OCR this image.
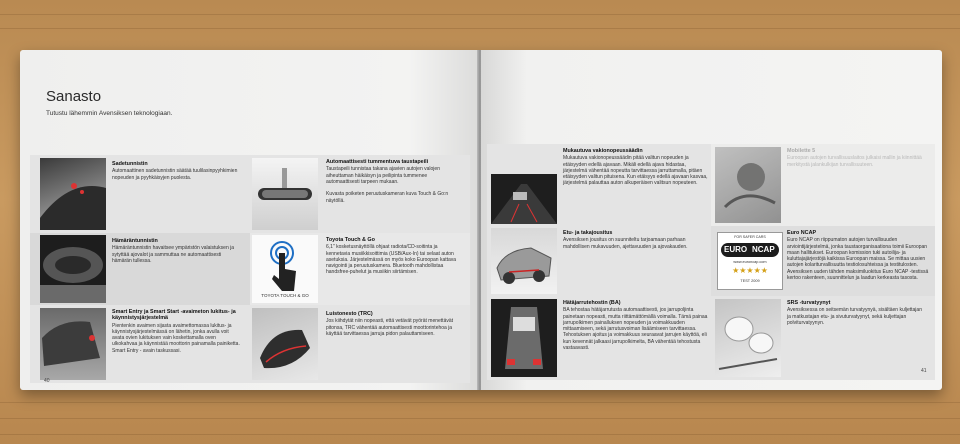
Sanasto
Tutustu lähemmin Avensiksen teknologiaan.
Sadetunnistin
Automaattinen sadetunnistin säätää tuulilasinpyyhkimien nopeuden ja pyyhkäisyjen puolesta.
Automaattisesti tummentuva taustapeili
Taustapeili tunnistaa takana ajavien autojen valojen aiheuttaman häikäisyn ja peilipinta tummenee automaattisesti tarpeen mukaan.

Kuvasta poiketen peruutuskameran kuva Touch & Go:n näytöllä.
Hämäräntunnistin
Hämäräntunnistin havaitsee ympäristön valaistuksen ja sytyttää ajovalot ja sammuttaa ne automaattisesti hämärän tullessa.
TOYOTA TOUCH & GO
Toyota Touch & Go
6,1" kosketusnäyttöllä ohjaat radiota/CD-soitinta ja kennetavia musiikkisoittimia (USB/Aux-In) tai selaat auton asetuksia. Järjestelmässä on myös koko Euroopan kattava navigointi ja peruutuskamera. Bluetooth mahdollistaa handsfree-puhelut ja musiikin siirtämisen.
Smart Entry ja Smart Start -avaimeton lukitus- ja käynnistysjärjestelmä
Pientenkin avaimen sijasta avaimettomassa lukitus- ja käynnistysjärjestelmässä on lähetin, jonka avulla voit avata ovien lukituksen vain koskettamalla oven ulkokahvaa ja käynnistää moottorin painamalla painiketta. Smart Entry - avain taskussasi.
Luistonesto (TRC)
Jos kiihdytät niin nopeasti, että vetävät pyörät menettävät pitonsa, TRC vähentää automaattisesti moottorintehoa ja käyttää tarvittaessa jarruja pidon palauttamiseen.
40
Mukautuva vakionopeussäädin
Mukautuva vakionopeussäädin pitää valitun nopeuden ja etäisyyden edellä ajavaan. Mikäli edellä ajava hidastaa, järjestelmä vähentää nopeutta tarvittaessa jarruttamalla, pitäen etäisyyden valitun pituisena. Kun etäisyys edellä ajavaan kasvaa, järjestelmä palauttaa auton alkuperäisen valitsun nopeuteen.
Mobilette 5
Euroopan autojen turvallisuuslaitos julkaisi mallin ja kiinnittää merkitystä jalankulkijan turvallisuuteen.
Etu- ja takajousitus
Avensiksen jousitus on suunniteltu tarjoamaan parhaan mahdollisen mukavuuden, ajettavuuden ja ajovakauden.
FOR SAFER CARS
EURO NCAP
www.euroncap.com
★★★★★
TEST 2009
Euro NCAP
Euro NCAP on riippumaton autojen turvallisuuden arviointijärjestelmä, jonka taustaorganisaationa toimii Euroopan maan hallitukset. Euroopan komission tuki autoilija- ja kuluttajajärjestöjä kaikissa Euroopan maissa. Se mittaa uusien autojen kolariturvallisuutta testiolosuhteissa ja testitulosten. Avensiksen uuden tähden maksimiluokitus Euro NCAP -testissä kertoo rakenteen, suunnittelun ja laadun kerkeasta tasosta.
Hätäjarrutehostin (BA)
BA tehostaa hätäjarrutusta automaattisesti, jos jarrupoljinta painetaan nopeasti, mutta riittämättömällä voimalla. Tämä painaa jarrupolkimen painalluksen nopeuden ja voimakkuuden mittaamiseen, sekä jarrutusvoiman lisäämiseen tarvittaessa. Tehostuksen ajoitus ja voimakkuus seuraavat jarrujen käyttöä, eli kun kevennät jalkaasi jarrupolkimelta, BA vähentää tehostusta vastaavasti.
SRS -turvatyynyt
Avensiksessa on seitsemän turvatyynyä, sisältäen kuljettajan ja matkustajan etu- ja sivuturvatyynyt, sekä kuljettajan polviturvatyynyn.
41
